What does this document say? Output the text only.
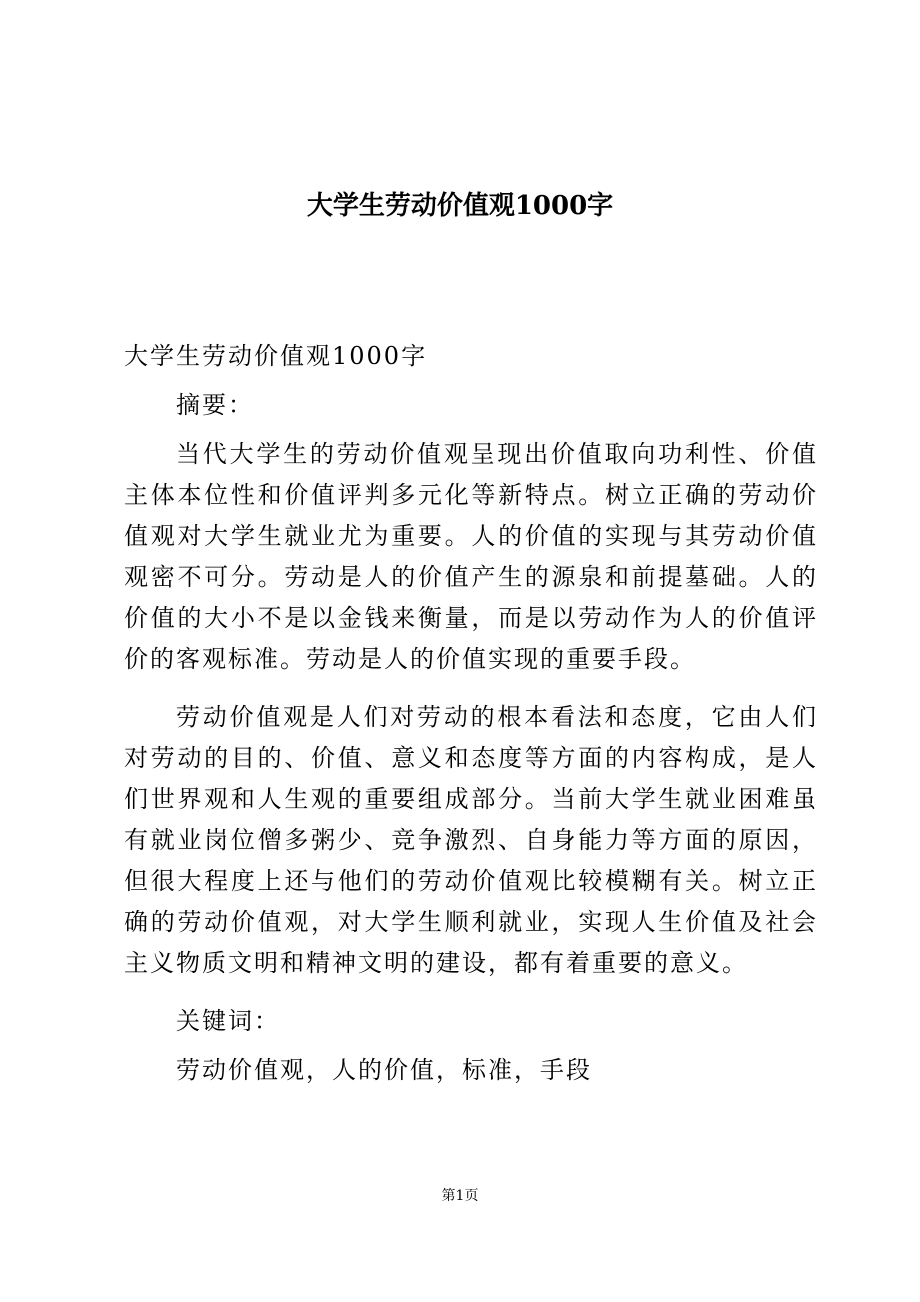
大学生劳动价值观1000字

大学生劳动价值观1000字

摘要：

当代大学生的劳动价值观呈现出价值取向功利性、价值主体本位性和价值评判多元化等新特点。树立正确的劳动价值观对大学生就业尤为重要。人的价值的实现与其劳动价值观密不可分。劳动是人的价值产生的源泉和前提墓础。人的价值的大小不是以金钱来衡量，而是以劳动作为人的价值评价的客观标准。劳动是人的价值实现的重要手段。

劳动价值观是人们对劳动的根本看法和态度，它由人们对劳动的目的、价值、意义和态度等方面的内容构成，是人们世界观和人生观的重要组成部分。当前大学生就业困难虽有就业岗位僧多粥少、竞争激烈、自身能力等方面的原因，但很大程度上还与他们的劳动价值观比较模糊有关。树立正确的劳动价值观，对大学生顺利就业，实现人生价值及社会主义物质文明和精神文明的建设，都有着重要的意义。

关键词：

劳动价值观，人的价值，标准，手段

第1页
